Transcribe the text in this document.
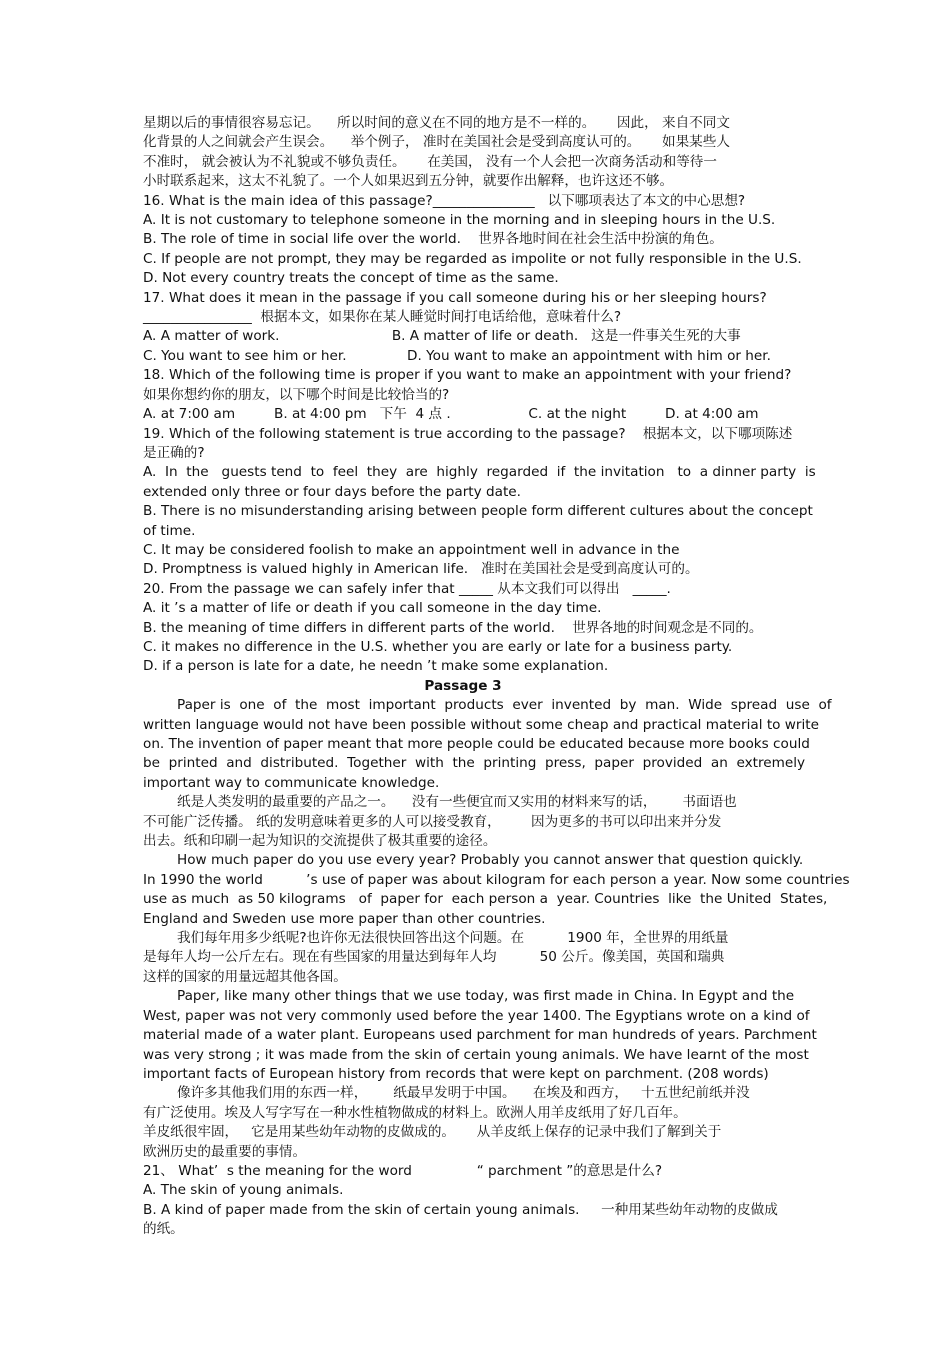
星期以后的事情很容易忘记。    所以时间的意义在不同的地方是不一样的。     因此， 来自不同文

化背景的人之间就会产生误会。    举个例子， 准时在美国社会是受到高度认可的。     如果某些人

不准时， 就会被认为不礼貌或不够负责任。     在美国， 没有一个人会把一次商务活动和等待一

小时联系起来，这太不礼貌了。一个人如果迟到五分钟，就要作出解释，也许这还不够。

16. What is the main idea of this passage?_______________   以下哪项表达了本文的中心思想?

A. It is not customary to telephone someone in the morning and in sleeping hours in the U.S.

B. The role of time in social life over the world.    世界各地时间在社会生活中扮演的角色。

C. If people are not prompt, they may be regarded as impolite or not fully responsible in the U.S.

D. Not every country treats the concept of time as the same.

17. What does it mean in the passage if you call someone during his or her sleeping hours?

________________  根据本文，如果你在某人睡觉时间打电话给他，意味着什么?

A. A matter of work.                          B. A matter of life or death.   这是一件事关生死的大事

C. You want to see him or her.              D. You want to make an appointment with him or her.

18. Which of the following time is proper if you want to make an appointment with your friend?

如果你想约你的朋友，以下哪个时间是比较恰当的?

A. at 7:00 am         B. at 4:00 pm   下午  4 点 .                  C. at the night         D. at 4:00 am

19. Which of the following statement is true according to the passage?    根据本文，以下哪项陈述

是正确的?

A.  In  the   guests tend  to  feel  they  are  highly  regarded  if  the invitation   to  a dinner party  is

extended only three or four days before the party date.

B. There is no misunderstanding arising between people form different cultures about the concept

of time.

C. It may be considered foolish to make an appointment well in advance in the

D. Promptness is valued highly in American life.   准时在美国社会是受到高度认可的。

20. From the passage we can safely infer that _____ 从本文我们可以得出   _____.

A. it ’s a matter of life or death if you call someone in the day time.

B. the meaning of time differs in different parts of the world.    世界各地的时间观念是不同的。

C. it makes no difference in the U.S. whether you are early or late for a business party.

D. if a person is late for a date, he needn ’t make some explanation.

Passage 3

Paper is  one  of  the  most  important  products  ever  invented  by  man.  Wide  spread  use  of

written language would not have been possible without some cheap and practical material to write

on. The invention of paper meant that more people could be educated because more books could

be  printed  and  distributed.  Together  with  the  printing  press,  paper  provided  an  extremely

important way to communicate knowledge.

纸是人类发明的最重要的产品之一。    没有一些便宜而又实用的材料来写的话，      书面语也

不可能广泛传播。 纸的发明意味着更多的人可以接受教育，       因为更多的书可以印出来并分发

出去。纸和印刷一起为知识的交流提供了极其重要的途径。

How much paper do you use every year? Probably you cannot answer that question quickly.

In 1990 the world          ’s use of paper was about kilogram for each person a year. Now some countries

use as much  as 50 kilograms   of  paper for  each person a  year. Countries  like  the United  States,

England and Sweden use more paper than other countries.

我们每年用多少纸呢?也许你无法很快回答出这个问题。在          1900 年，全世界的用纸量

是每年人均一公斤左右。现在有些国家的用量达到每年人均          50 公斤。像美国，英国和瑞典

这样的国家的用量远超其他各国。

Paper, like many other things that we use today, was first made in China. In Egypt and the

West, paper was not very commonly used before the year 1400. The Egyptians wrote on a kind of

material made of a water plant. Europeans used parchment for man hundreds of years. Parchment

was very strong ; it was made from the skin of certain young animals. We have learnt of the most

important facts of European history from records that were kept on parchment. (208 words)

像许多其他我们用的东西一样，      纸最早发明于中国。    在埃及和西方，   十五世纪前纸并没

有广泛使用。埃及人写字写在一种水性植物做成的材料上。欧洲人用羊皮纸用了好几百年。

羊皮纸很牢固，   它是用某些幼年动物的皮做成的。     从羊皮纸上保存的记录中我们了解到关于

欧洲历史的最重要的事情。

21、 What’  s the meaning for the word               “ parchment ”的意思是什么?

A. The skin of young animals.

B. A kind of paper made from the skin of certain young animals.     一种用某些幼年动物的皮做成

的纸。
